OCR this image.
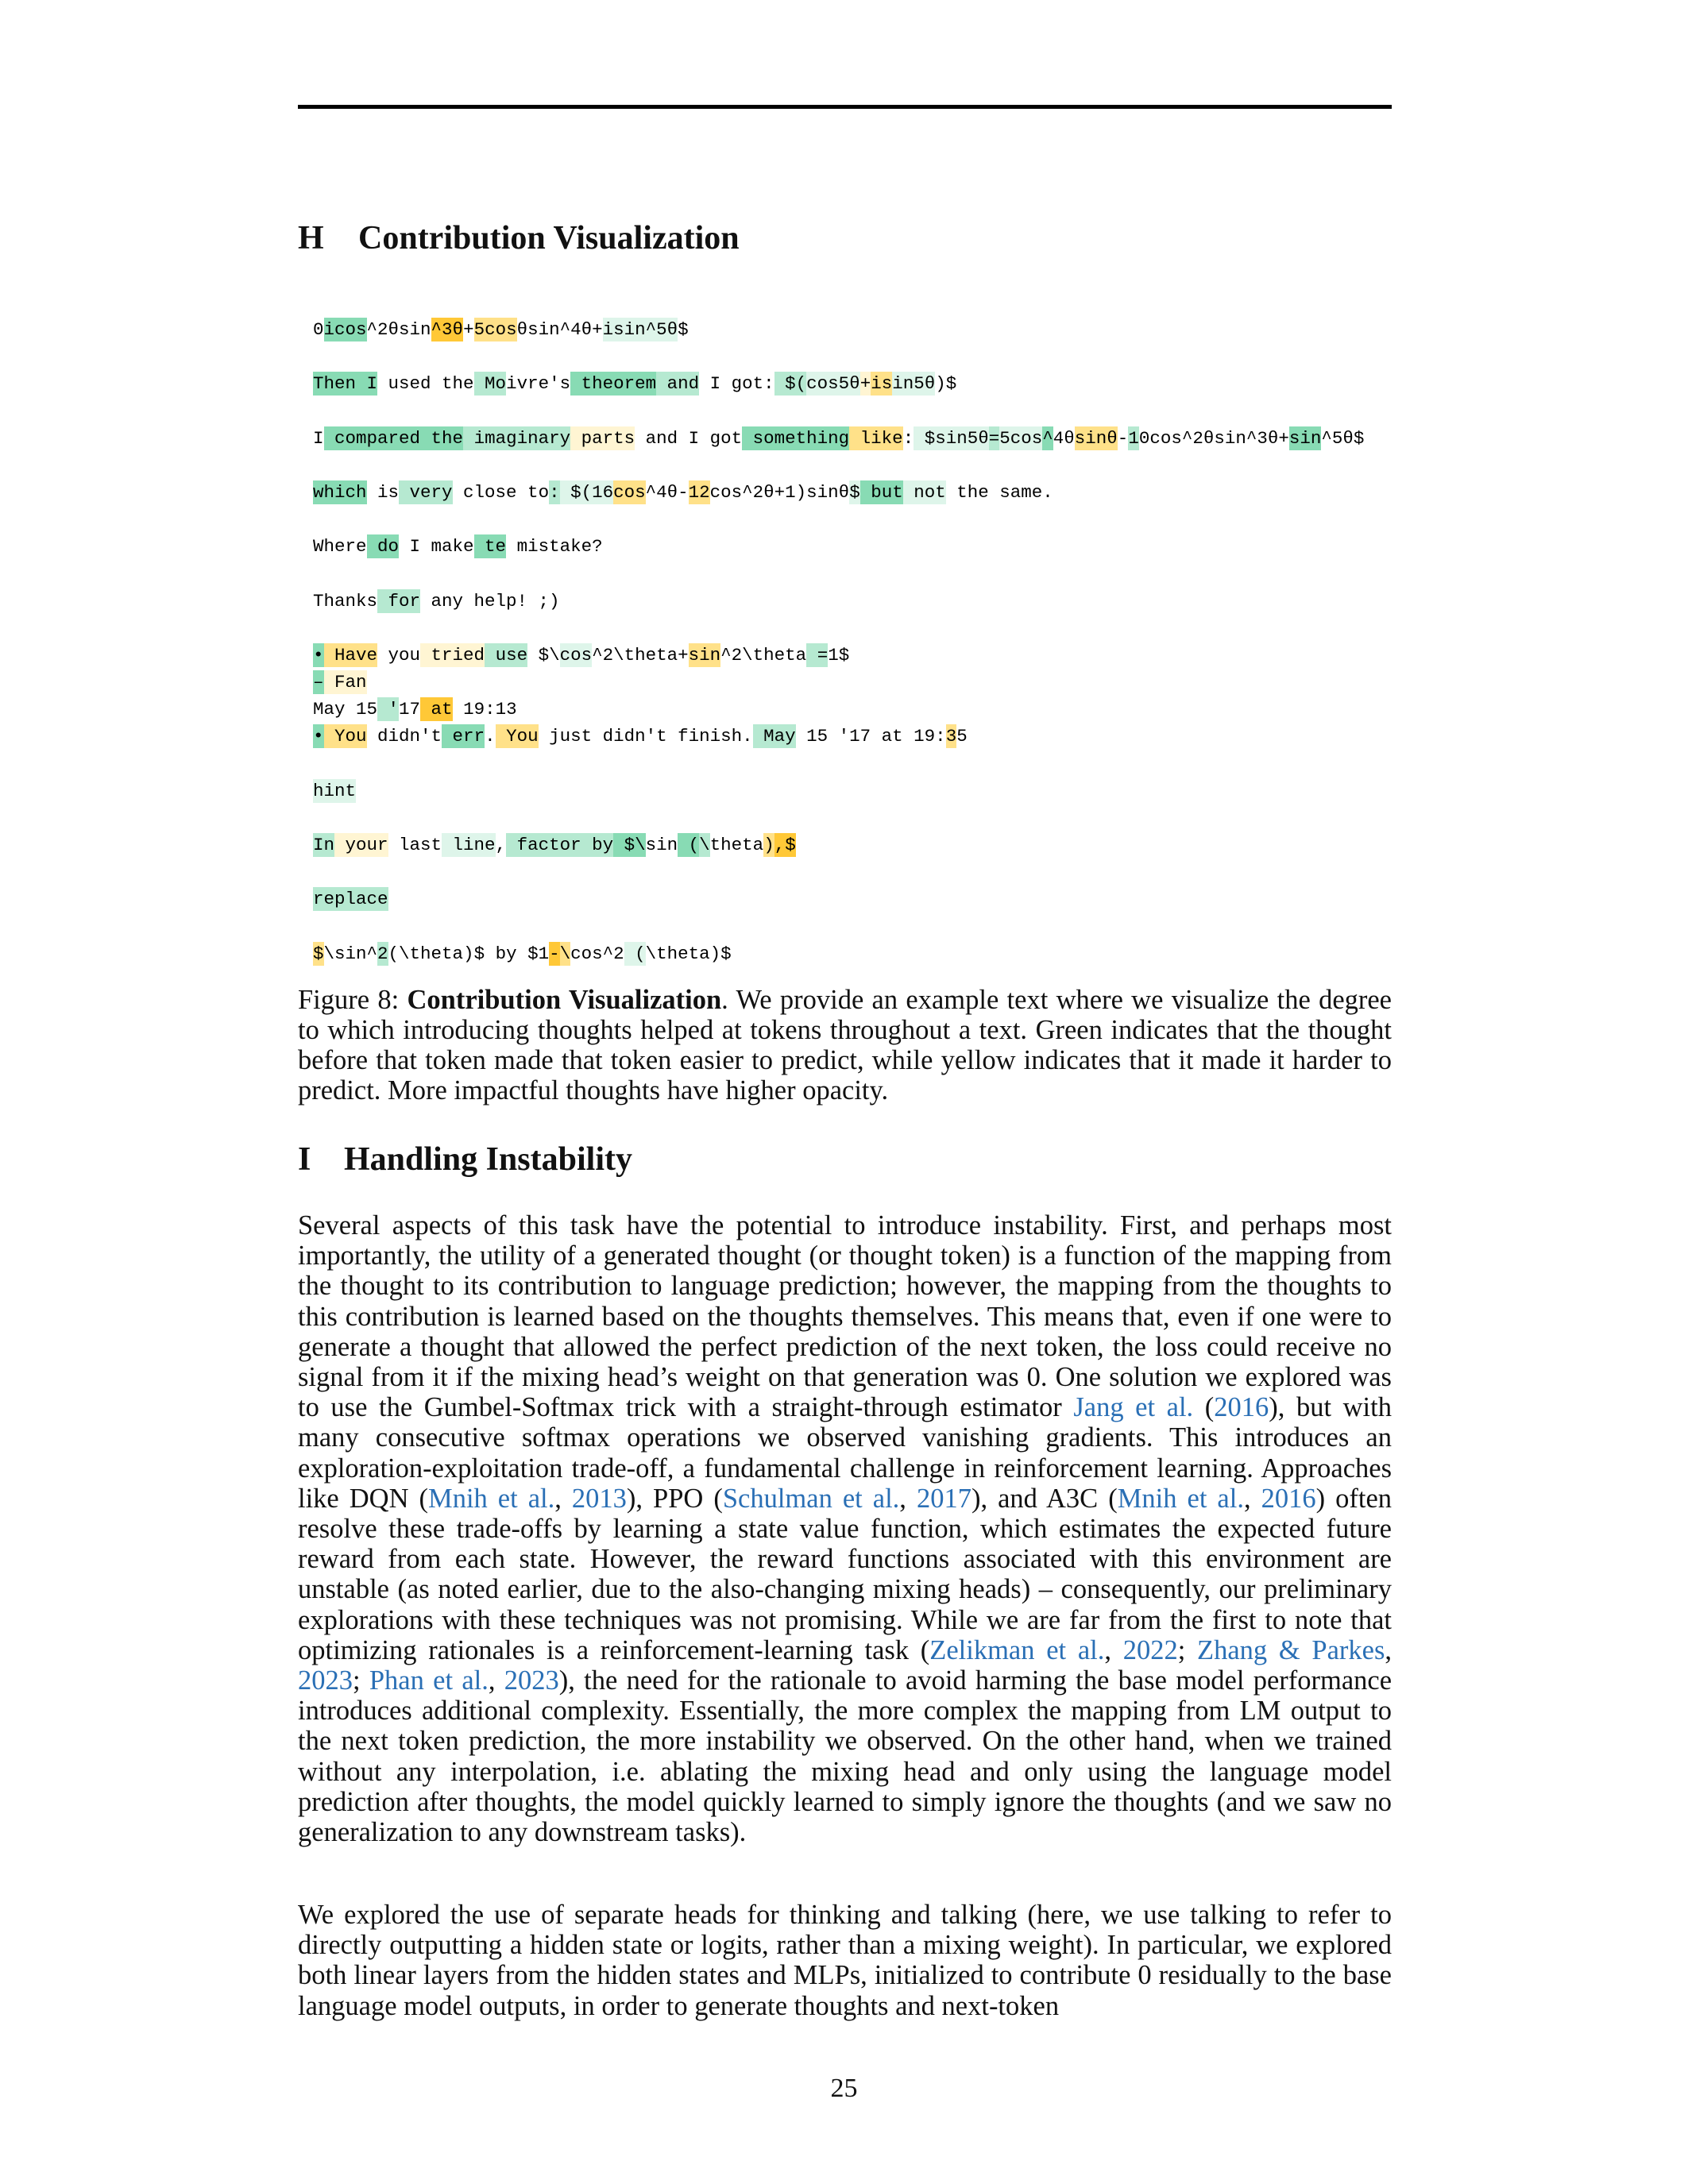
H Contribution Visualization
0icos^2θsin^3θ+5cosθsin^4θ+isin^5θ$
Then I used the Moivre's theorem and I got: $(cos5θ+isin5θ)$
I compared the imaginary parts and I got something like: $sin5θ=5cos^4θsinθ-10cos^2θsin^3θ+sin^5θ$
which is very close to: $(16cos^4θ-12cos^2θ+1)sinθ$ but not the same.
Where do I make te mistake?
Thanks for any help! ;)
• Have you tried use $\cos^2\theta+sin^2\theta =1$
– Fan
May 15 '17 at 19:13
• You didn't err. You just didn't finish. May 15 '17 at 19:35
hint
In your last line, factor by $\sin (\theta),$
replace
$\sin^2(\theta)$ by $1-\cos^2 (\theta)$
Figure 8: Contribution Visualization. We provide an example text where we visualize the degree to which introducing thoughts helped at tokens throughout a text. Green indicates that the thought before that token made that token easier to predict, while yellow indicates that it made it harder to predict. More impactful thoughts have higher opacity.
I Handling Instability

Several aspects of this task have the potential to introduce instability. First, and perhaps most importantly, the utility of a generated thought (or thought token) is a function of the mapping from the thought to its contribution to language prediction; however, the mapping from the thoughts to this contribution is learned based on the thoughts themselves. This means that, even if one were to generate a thought that allowed the perfect prediction of the next token, the loss could receive no signal from it if the mixing head’s weight on that generation was 0. One solution we explored was to use the Gumbel-Softmax trick with a straight-through estimator Jang et al. (2016), but with many consecutive softmax operations we observed vanishing gradients. This introduces an exploration-exploitation trade-off, a fundamental challenge in reinforcement learning. Approaches like DQN (Mnih et al., 2013), PPO (Schulman et al., 2017), and A3C (Mnih et al., 2016) often resolve these trade-offs by learning a state value function, which estimates the expected future reward from each state. However, the reward functions associated with this environment are unstable (as noted earlier, due to the also-changing mixing heads) – consequently, our preliminary explorations with these techniques was not promising. While we are far from the first to note that optimizing rationales is a reinforcement-learning task (Zelikman et al., 2022; Zhang & Parkes, 2023; Phan et al., 2023), the need for the rationale to avoid harming the base model performance introduces additional complexity. Essentially, the more complex the mapping from LM output to the next token prediction, the more instability we observed. On the other hand, when we trained without any interpolation, i.e. ablating the mixing head and only using the language model prediction after thoughts, the model quickly learned to simply ignore the thoughts (and we saw no generalization to any downstream tasks).

We explored the use of separate heads for thinking and talking (here, we use talking to refer to directly outputting a hidden state or logits, rather than a mixing weight). In particular, we explored both linear layers from the hidden states and MLPs, initialized to contribute 0 residually to the base language model outputs, in order to generate thoughts and next-token

25
